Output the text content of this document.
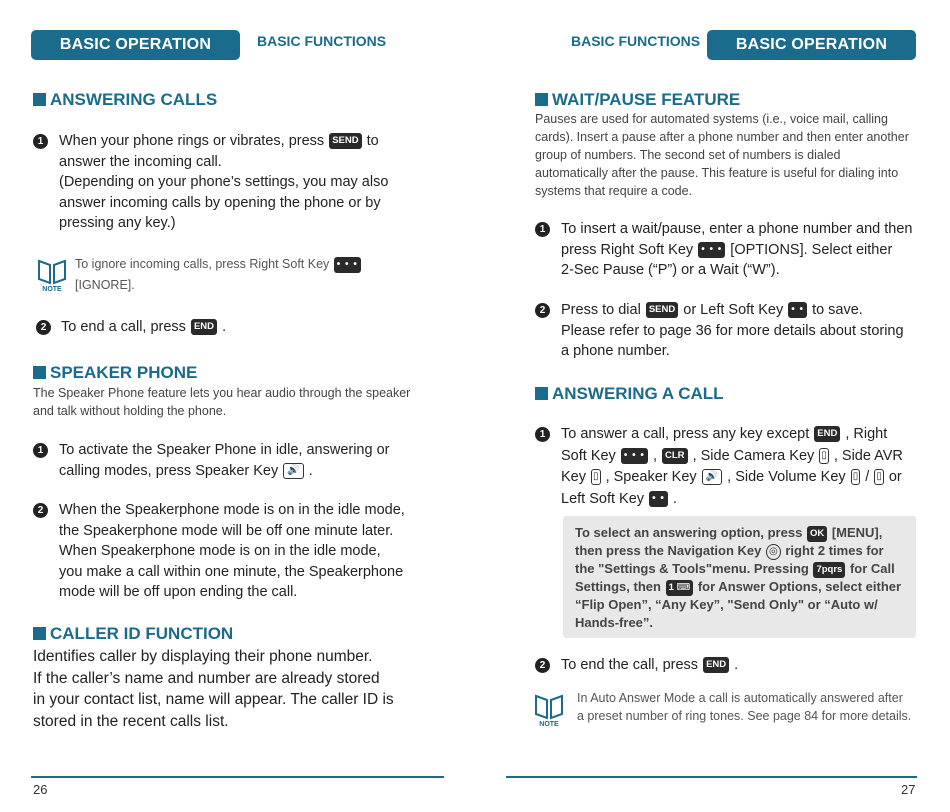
BASIC OPERATION	BASIC FUNCTIONS
ANSWERING CALLS
1	When your phone rings or vibrates, press SEND to
answer the incoming call.
(Depending on your phone’s settings, you may also
answer incoming calls by opening the phone or by
pressing any key.)
NOTE
To ignore incoming calls, press Right Soft Key • • •
[IGNORE].
2	To end a call, press END .
SPEAKER PHONE
The Speaker Phone feature lets you hear audio through the speaker
and talk without holding the phone.
1	To activate the Speaker Phone in idle, answering or
calling modes, press Speaker Key 🔊 .
2	When the Speakerphone mode is on in the idle mode,
the Speakerphone mode will be off one minute later.
When Speakerphone mode is on in the idle mode,
you make a call within one minute, the Speakerphone
mode will be off upon ending the call.
CALLER ID FUNCTION
Identifies caller by displaying their phone number.
If the caller’s name and number are already stored
in your contact list, name will appear. The caller ID is
stored in the recent calls list.
26
BASIC FUNCTIONS	BASIC OPERATION
WAIT/PAUSE FEATURE
Pauses are used for automated systems (i.e., voice mail, calling
cards). Insert a pause after a phone number and then enter another
group of numbers. The second set of numbers is dialed
automatically after the pause. This feature is useful for dialing into
systems that require a code.
1	To insert a wait/pause, enter a phone number and then
press Right Soft Key • • • [OPTIONS]. Select either
2-Sec Pause (“P”) or a Wait (“W”).
2	Press to dial SEND or Left Soft Key • • to save.
Please refer to page 36 for more details about storing
a phone number.
ANSWERING A CALL
1	To answer a call, press any key except END , Right
Soft Key • • • , CLR , Side Camera Key ▯ , Side AVR
Key ▯ , Speaker Key 🔊 , Side Volume Key ▯ / ▯ or
Left Soft Key • • .
To select an answering option, press OK [MENU],
then press the Navigation Key ◎ right 2 times for
the "Settings & Tools"menu. Pressing 7pqrs for Call
Settings, then 1 ⌨ for Answer Options, select either
“Flip Open”, “Any Key”, "Send Only" or “Auto w/
Hands-free”.
2	To end the call, press END .
NOTE
In Auto Answer Mode a call is automatically answered after
a preset number of ring tones. See page 84 for more details.
27
